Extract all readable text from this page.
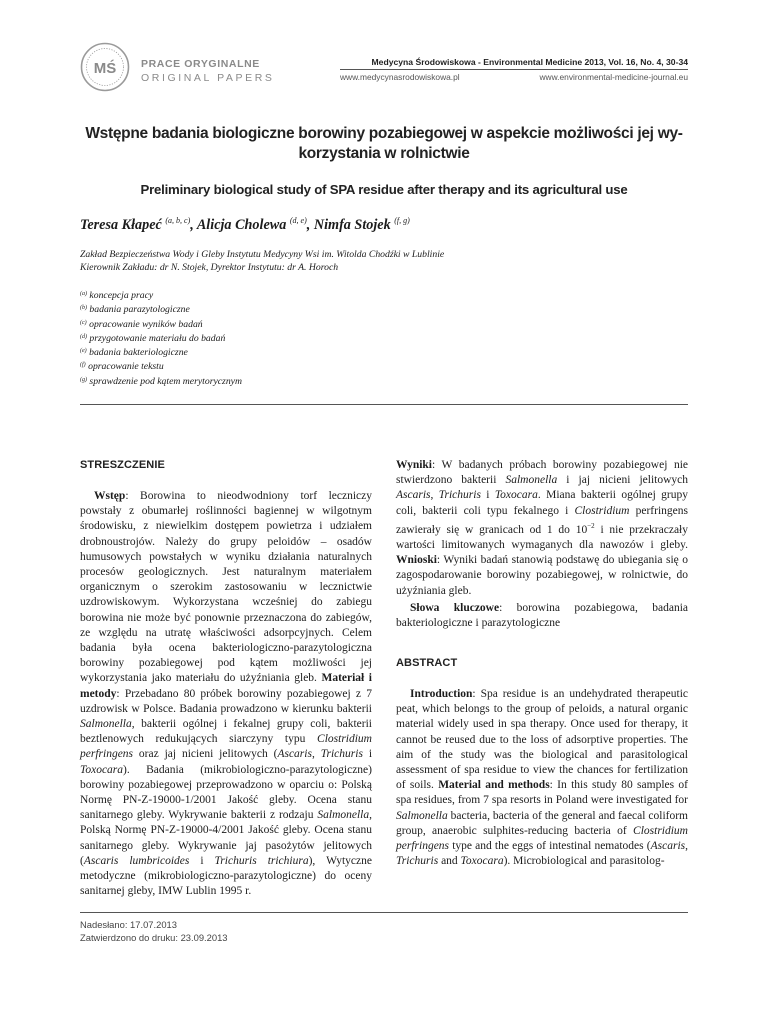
MŚ PRACE ORYGINALNE
ORIGINAL PAPERS
Medycyna Środowiskowa - Environmental Medicine 2013, Vol. 16, No. 4, 30-34
www.medycynasrodowiskowa.pl	www.environmental-medicine-journal.eu
Wstępne badania biologiczne borowiny pozabiegowej w aspekcie możliwości jej wy- korzystania w rolnictwie
Preliminary biological study of SPA residue after therapy and its agricultural use
Teresa Kłapeć $^{(a, b, c)}$, Alicja Cholewa $^{(d, e)}$, Nimfa Stojek $^{(f, g)}$
Zakład Bezpieczeństwa Wody i Gleby Instytutu Medycyny Wsi im. Witolda Chodźki w Lublinie
Kierownik Zakładu: dr N. Stojek, Dyrektor Instytutu: dr A. Horoch
$^{(a)}$ koncepcja pracy
$^{(b)}$ badania parazytologiczne
$^{(c)}$ opracowanie wyników badań
$^{(d)}$ przygotowanie materiału do badań
$^{(e)}$ badania bakteriologiczne
$^{(f)}$ opracowanie tekstu
$^{(g)}$ sprawdzenie pod kątem merytorycznym
STRESZCZENIE

Wstęp: Borowina to nieodwodniony torf leczniczy powstały z obumarłej roślinności bagiennej w wilgotnym środowisku, z niewielkim dostępem powietrza i udziałem drobnoustrojów. Należy do grupy peloidów – osadów humusowych powstałych w wyniku działania naturalnych procesów geologicznych. Jest naturalnym materiałem organicznym o szerokim zastosowaniu w lecznictwie uzdrowiskowym. Wykorzystana wcześniej do zabiegu borowina nie może być ponownie przeznaczona do zabiegów, ze względu na utratę właściwości adsorpcyjnych. Celem badania była ocena bakteriologiczno-parazytologiczna borowiny pozabiegowej pod kątem możliwości jej wykorzystania jako materiału do użyźniania gleb. Materiał i metody: Przebadano 80 próbek borowiny pozabiegowej z 7 uzdrowisk w Polsce. Badania prowadzono w kierunku bakterii Salmonella, bakterii ogólnej i fekalnej grupy coli, bakterii beztlenowych redukujących siarczyny typu Clostridium perfringens oraz jaj nicieni jelitowych (Ascaris, Trichuris i Toxocara). Badania (mikrobiologiczno-parazytologiczne) borowiny pozabiegowej przeprowadzono w oparciu o: Polską Normę PN-Z-19000-1/2001 Jakość gleby. Ocena stanu sanitarnego gleby. Wykrywanie bakterii z rodzaju Salmonella, Polską Normę PN-Z-19000-4/2001 Jakość gleby. Ocena stanu sanitarnego gleby. Wykrywanie jaj pasożytów jelitowych (Ascaris lumbricoides i Trichuris trichiura), Wytyczne metodyczne (mikrobiologiczno-parazytologiczne) do oceny sanitarnej gleby, IMW Lublin 1995 r.

Wyniki: W badanych próbach borowiny pozabiegowej nie stwierdzono bakterii Salmonella i jaj nicieni jelitowych Ascaris, Trichuris i Toxocara. Miana bakterii ogólnej grupy coli, bakterii coli typu fekalnego i Clostridium perfringens zawierały się w granicach od 1 do $10^{-2}$ i nie przekraczały wartości limitowanych wymaganych dla nawozów i gleby. Wnioski: Wyniki badań stanowią podstawę do ubiegania się o zagospodarowanie borowiny pozabiegowej, w rolnictwie, do użyźniania gleb.

Słowa kluczowe: borowina pozabiegowa, badania bakteriologiczne i parazytologiczne

ABSTRACT

Introduction: Spa residue is an undehydrated therapeutic peat, which belongs to the group of peloids, a natural organic material widely used in spa therapy. Once used for therapy, it cannot be reused due to the loss of adsorptive properties. The aim of the study was the biological and parasitological assessment of spa residue to view the chances for fertilization of soils. Material and methods: In this study 80 samples of spa residues, from 7 spa resorts in Poland were investigated for Salmonella bacteria, bacteria of the general and faecal coliform group, anaerobic sulphites-reducing bacteria of Clostridium perfringens type and the eggs of intestinal nematodes (Ascaris, Trichuris and Toxocara). Microbiological and parasitolog-

Nadesłano: 17.07.2013
Zatwierdzono do druku: 23.09.2013
